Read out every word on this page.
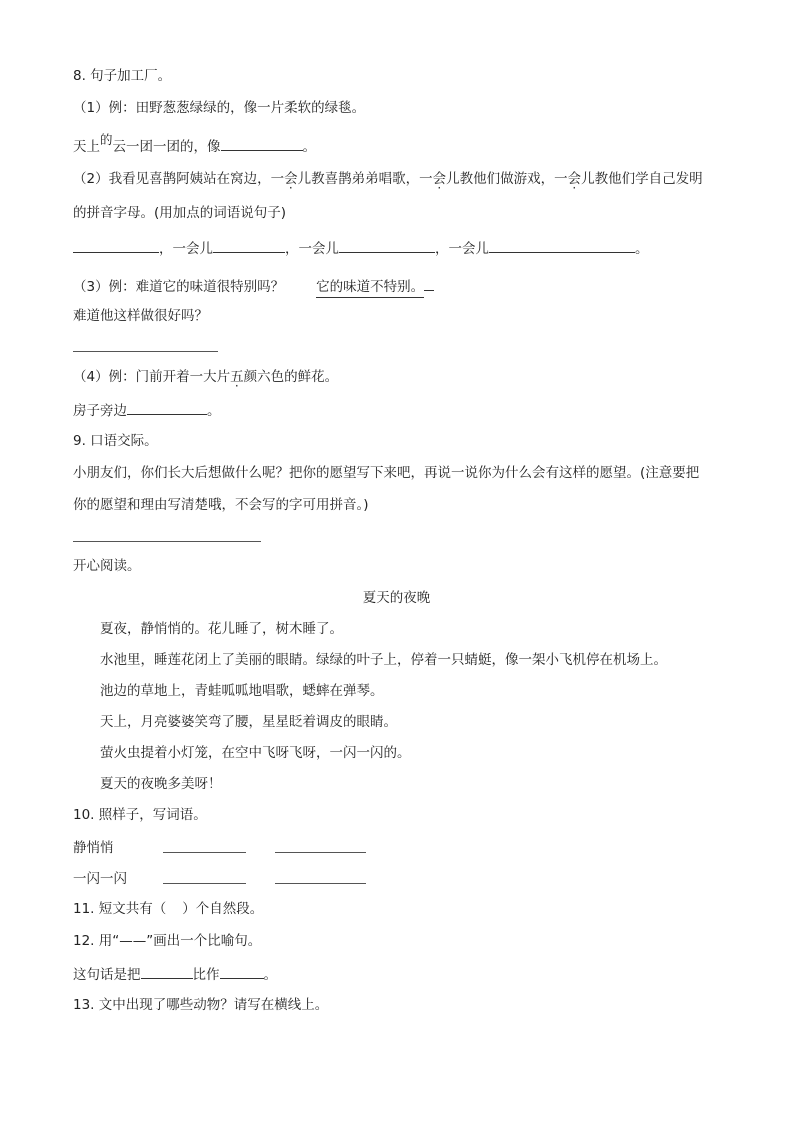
8. 句子加工厂。
（1）例：田野葱葱绿绿的，像一片柔软的绿毯。
天上的云一团一团的，像	。
（2）我看见喜鹊阿姨站在窝边，一会儿教喜鹊弟弟唱歌，一会儿教他们做游戏，一会儿教他们学自己发明
的拼音字母。(用加点的词语说句子)
，一会儿	，一会儿	，一会儿	。
（3）例：难道它的味道很特别吗？ 它的味道不特别。
难道他这样做很好吗？
（4）例：门前开着一大片五颜六色 ·的鲜花。
房子旁边	。
9. 口语交际。
小朋友们，你们长大后想做什么呢？把你的愿望写下来吧，再说一说你为什么会有这样的愿望。(注意要把
你的愿望和理由写清楚哦，不会写的字可用拼音。)
开心阅读。
夏天的夜晚
夏夜，静悄悄的。花儿睡了，树木睡了。
水池里，睡莲花闭上了美丽的眼睛。绿绿的叶子上，停着一只蜻蜓，像一架小飞机停在机场上。
池边的草地上，青蛙呱呱地唱歌，蟋蟀在弹琴。
天上，月亮婆婆笑弯了腰，星星眨着调皮的眼睛。
萤火虫提着小灯笼，在空中飞呀飞呀，一闪一闪的。
夏天的夜晚多美呀！
10. 照样子，写词语。
静悄悄
一闪一闪
11. 短文共有（ ）个自然段。
12. 用“——”画出一个比喻句。
这句话是把	比作	。
13. 文中出现了哪些动物？请写在横线上。
